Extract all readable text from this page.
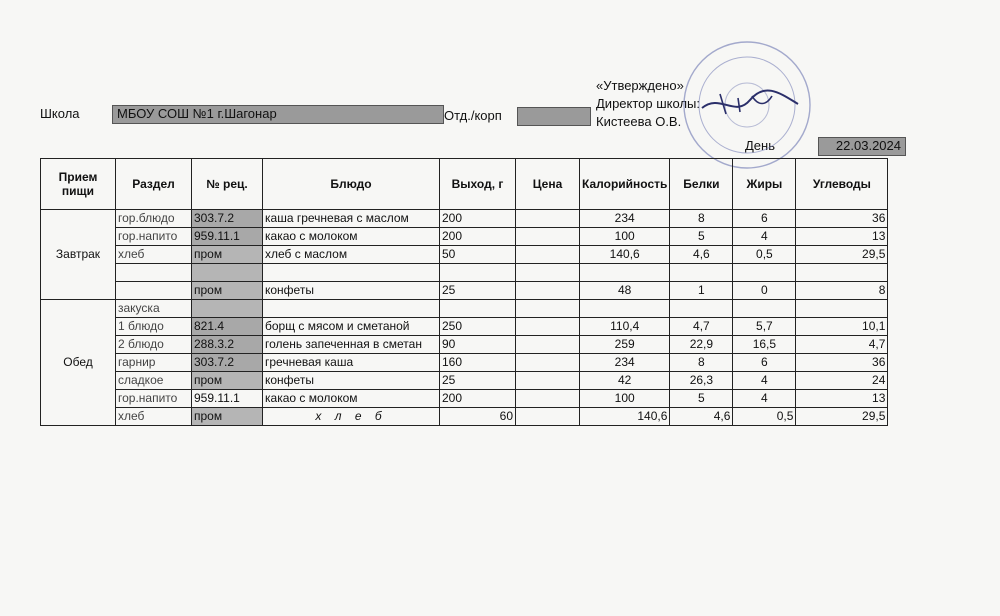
Школа	МБОУ СОШ №1 г.Шагонар	Отд./корп
«Утверждено»
Директор школы:
Кистеева О.В.
День	22.03.2024
Прием пищи	Раздел	№ рец.	Блюдо	Выход, г	Цена	Калорийность	Белки	Жиры	Углеводы
Завтрак	гор.блюдо	303.7.2	каша гречневая с маслом	200		234	8	6	36
	гор.напито	959.11.1	какао с молоком	200		100	5	4	13
	хлеб	пром	хлеб с маслом	50		140,6	4,6	0,5	29,5

		пром	конфеты	25		48	1	0	8
Обед	закуска								
	1 блюдо	821.4	борщ с мясом и сметаной	250		110,4	4,7	5,7	10,1
	2 блюдо	288.3.2	голень запеченная в сметан	90		259	22,9	16,5	4,7
	гарнир	303.7.2	гречневая каша	160		234	8	6	36
	сладкое	пром	конфеты	25		42	26,3	4	24
	гор.напито	959.11.1	какао с молоком	200		100	5	4	13
	хлеб	пром	х л е б	60		140,6	4,6	0,5	29,5
